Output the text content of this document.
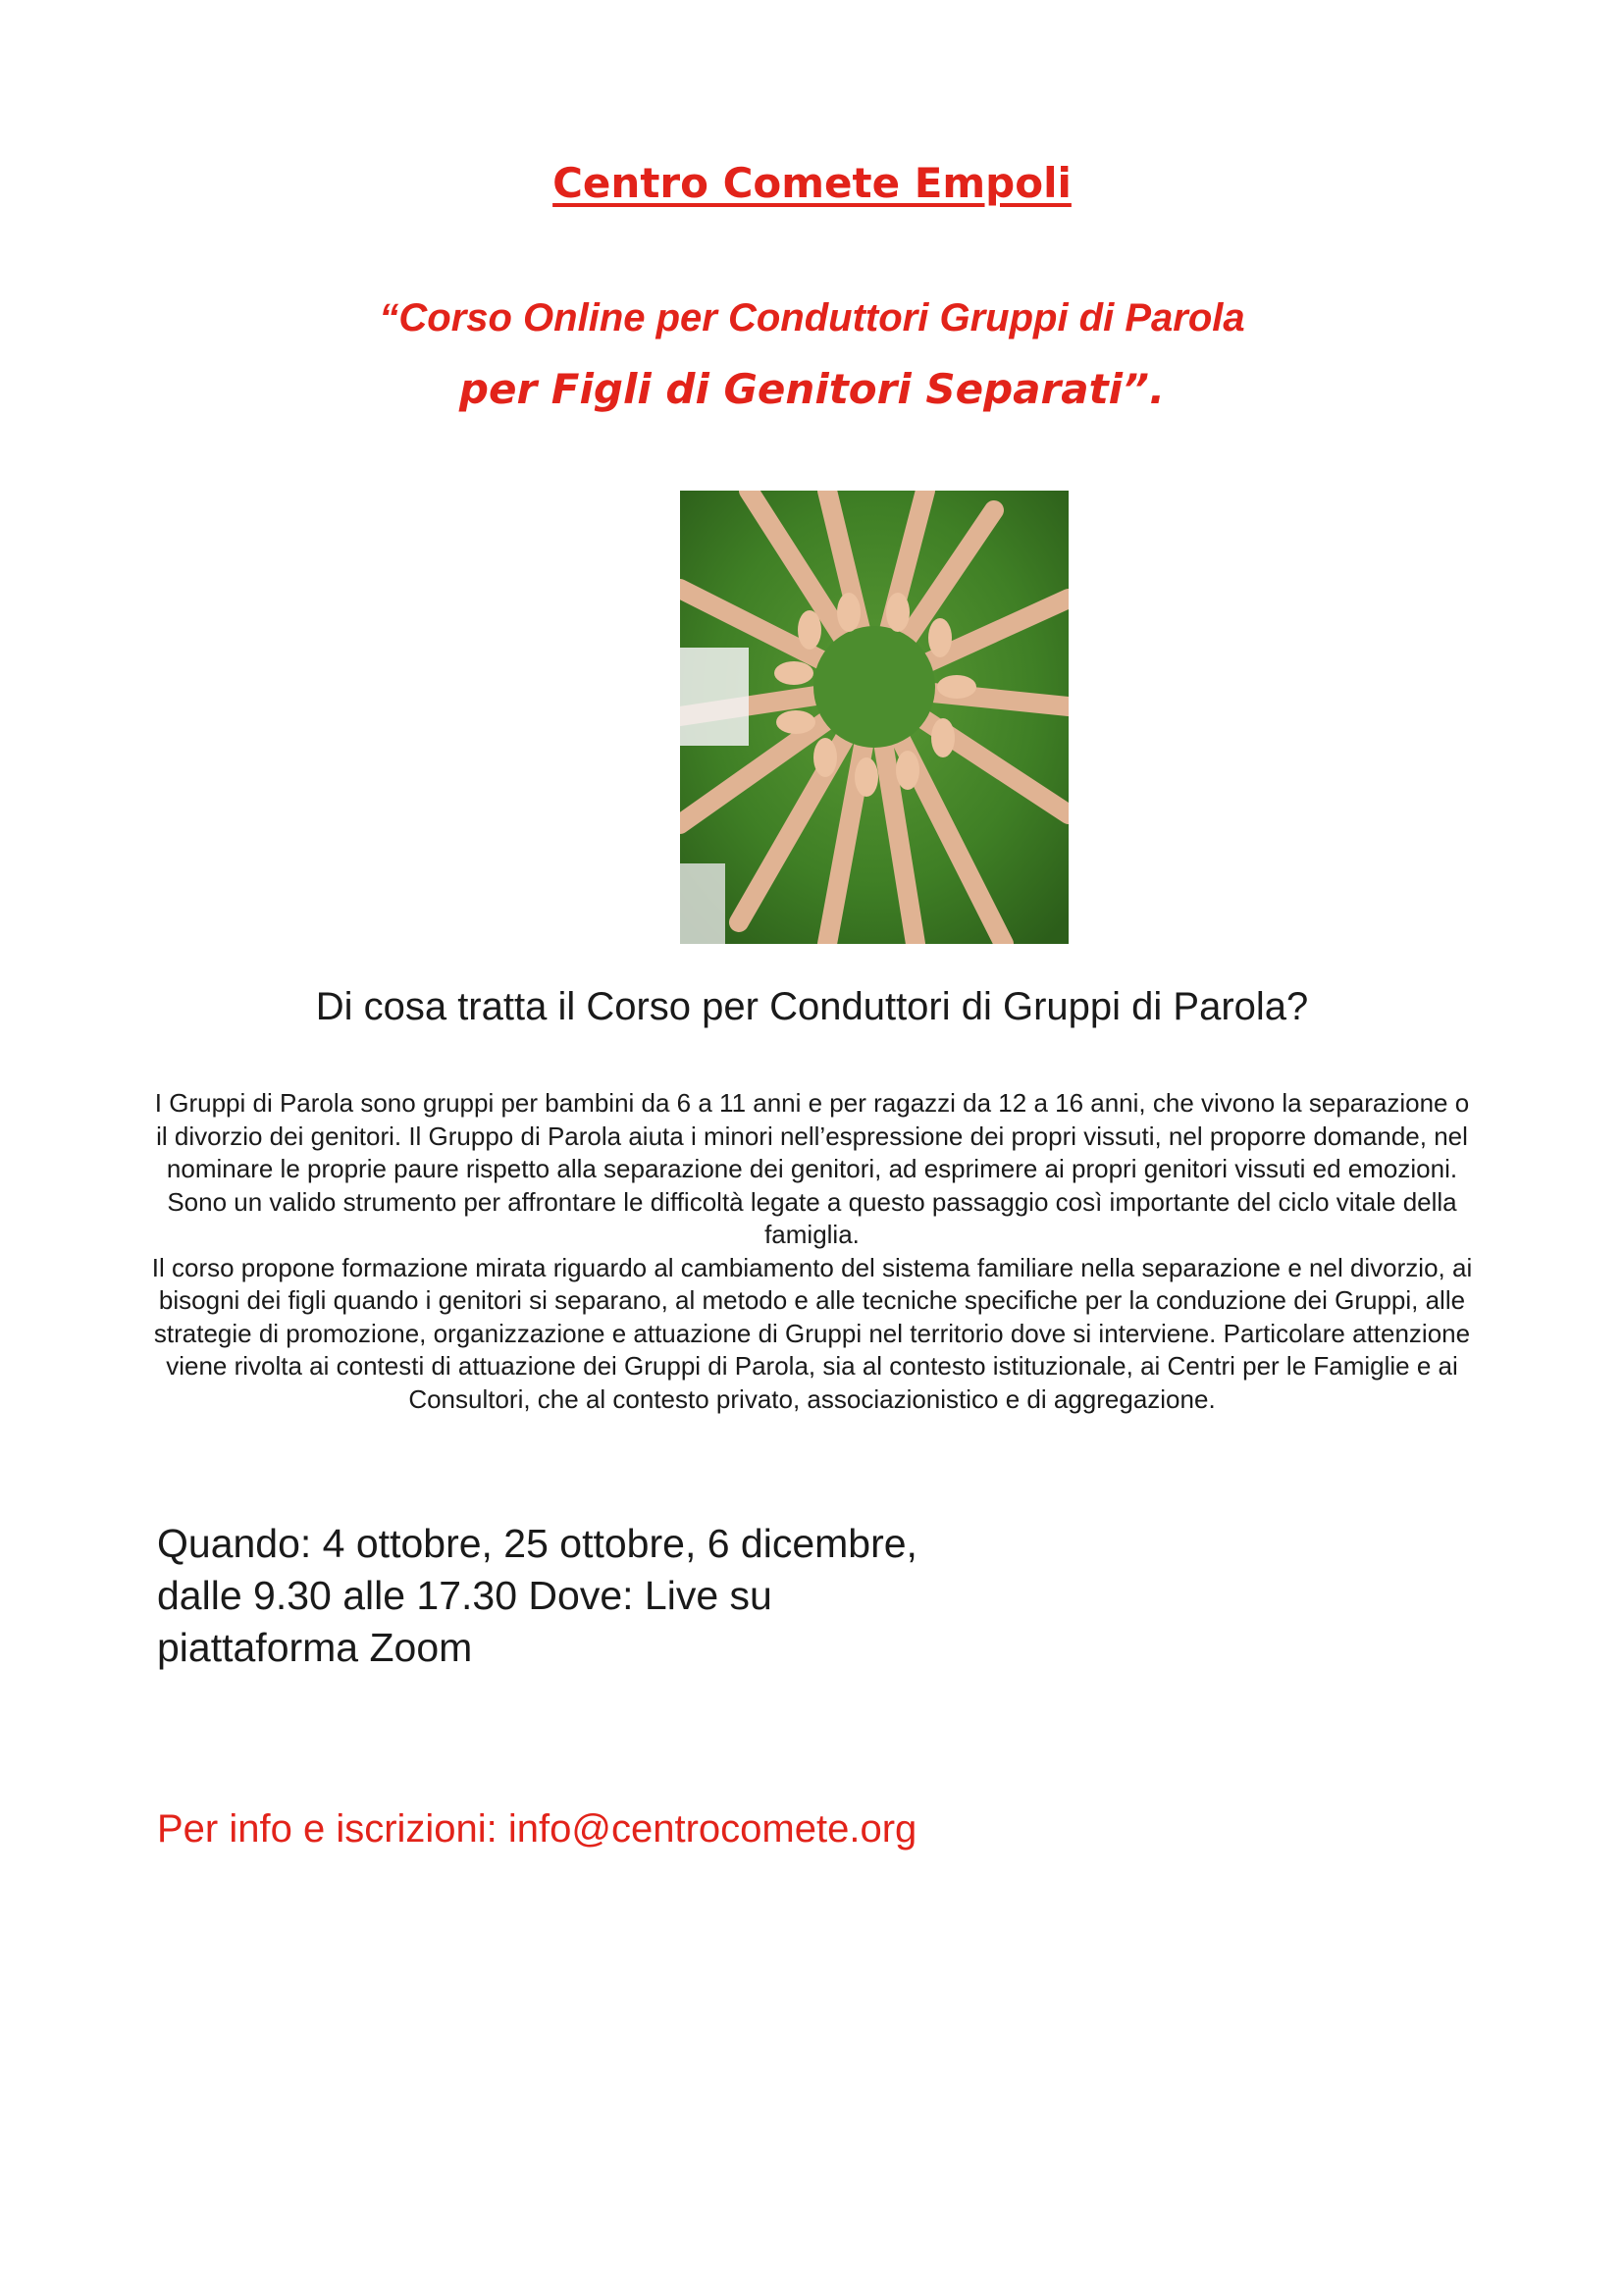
Centro Comete Empoli
“Corso Online per Conduttori Gruppi di Parola
per Figli di Genitori Separati”.
Di cosa tratta il Corso per Conduttori di Gruppi di Parola?

I Gruppi di Parola sono gruppi per bambini da 6 a 11 anni e per ragazzi da 12 a 16 anni, che vivono la separazione o il divorzio dei genitori. Il Gruppo di Parola aiuta i minori nell’espressione dei propri vissuti, nel proporre domande, nel nominare le proprie paure rispetto alla separazione dei genitori, ad esprimere ai propri genitori vissuti ed emozioni. Sono un valido strumento per affrontare le difficoltà legate a questo passaggio così importante del ciclo vitale della famiglia.

Il corso propone formazione mirata riguardo al cambiamento del sistema familiare nella separazione e nel divorzio, ai bisogni dei figli quando i genitori si separano, al metodo e alle tecniche specifiche per la conduzione dei Gruppi, alle strategie di promozione, organizzazione e attuazione di Gruppi nel territorio dove si interviene. Particolare attenzione viene rivolta ai contesti di attuazione dei Gruppi di Parola, sia al contesto istituzionale, ai Centri per le Famiglie e ai Consultori, che al contesto privato, associazionistico e di aggregazione.

Quando: 4 ottobre, 25 ottobre, 6 dicembre,
dalle 9.30 alle 17.30 Dove: Live su
piattaforma Zoom
Per info e iscrizioni: info@centrocomete.org
